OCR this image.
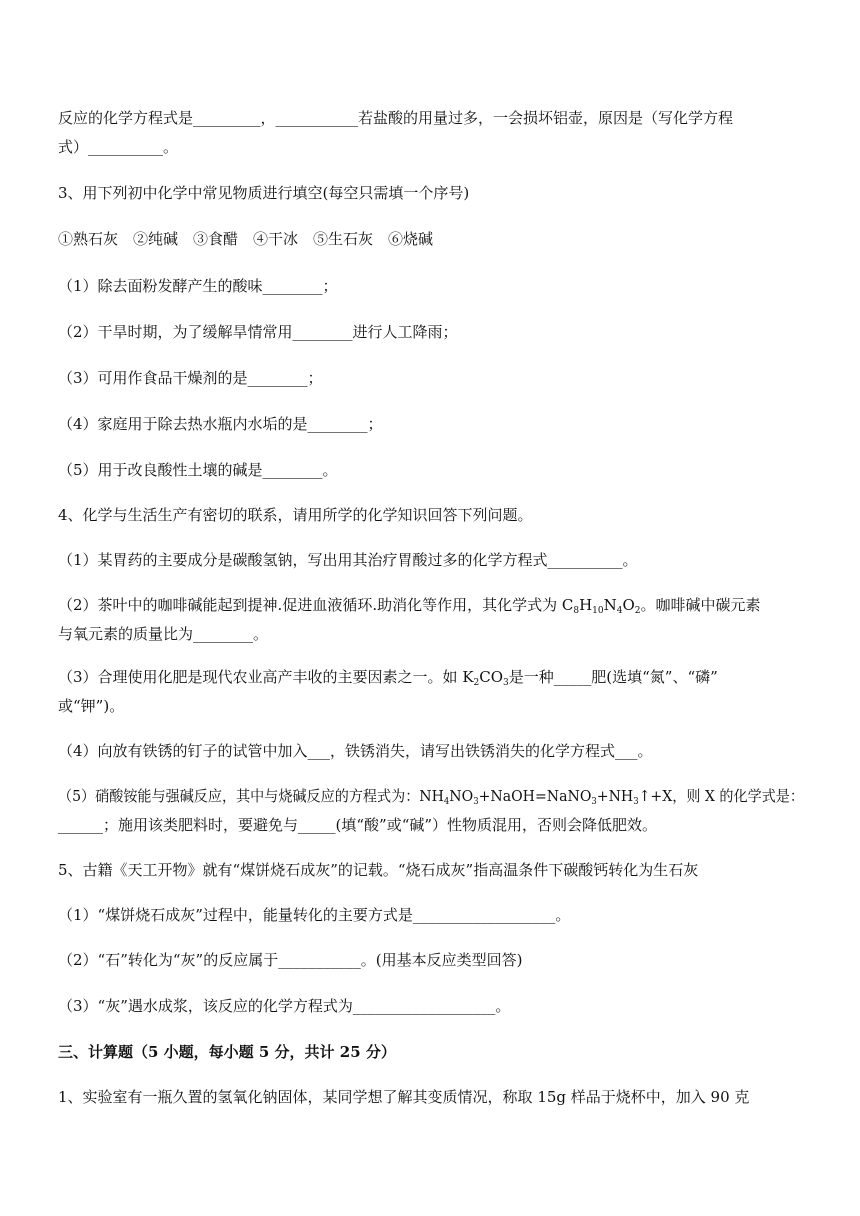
反应的化学方程式是_________，___________若盐酸的用量过多，一会损坏铝壶，原因是（写化学方程
式）__________。
3、用下列初中化学中常见物质进行填空(每空只需填一个序号)
①熟石灰　②纯碱　③食醋　④干冰　⑤生石灰　⑥烧碱
（1）除去面粉发酵产生的酸味________；
（2）干旱时期，为了缓解旱情常用________进行人工降雨；
（3）可用作食品干燥剂的是________；
（4）家庭用于除去热水瓶内水垢的是________；
（5）用于改良酸性土壤的碱是________。
4、化学与生活生产有密切的联系，请用所学的化学知识回答下列问题。
（1）某胃药的主要成分是碳酸氢钠，写出用其治疗胃酸过多的化学方程式__________。
（2）茶叶中的咖啡碱能起到提神.促进血液循环.助消化等作用，其化学式为 $C_8H_{10}N_4O_2$。咖啡碱中碳元素
与氧元素的质量比为________。
（3）合理使用化肥是现代农业高产丰收的主要因素之一。如 $K_2CO_3$是一种_____肥(选填“氮”、“磷”
或“钾”)。
（4）向放有铁锈的钉子的试管中加入___，铁锈消失，请写出铁锈消失的化学方程式___。
（5）硝酸铵能与强碱反应，其中与烧碱反应的方程式为：$NH_4NO_3+NaOH=NaNO_3+NH_3↑+X$，则 X 的化学式是：
______；施用该类肥料时，要避免与_____(填“酸”或“碱”）性物质混用，否则会降低肥效。
5、古籍《天工开物》就有“煤饼烧石成灰”的记载。“烧石成灰”指高温条件下碳酸钙转化为生石灰
（1）“煤饼烧石成灰”过程中，能量转化的主要方式是___________________。
（2）“石”转化为“灰”的反应属于___________。(用基本反应类型回答)
（3）“灰”遇水成浆，该反应的化学方程式为___________________。
三、计算题（5 小题，每小题 5 分，共计 25 分）
1、实验室有一瓶久置的氢氧化钠固体，某同学想了解其变质情况，称取 15g 样品于烧杯中，加入 90 克
